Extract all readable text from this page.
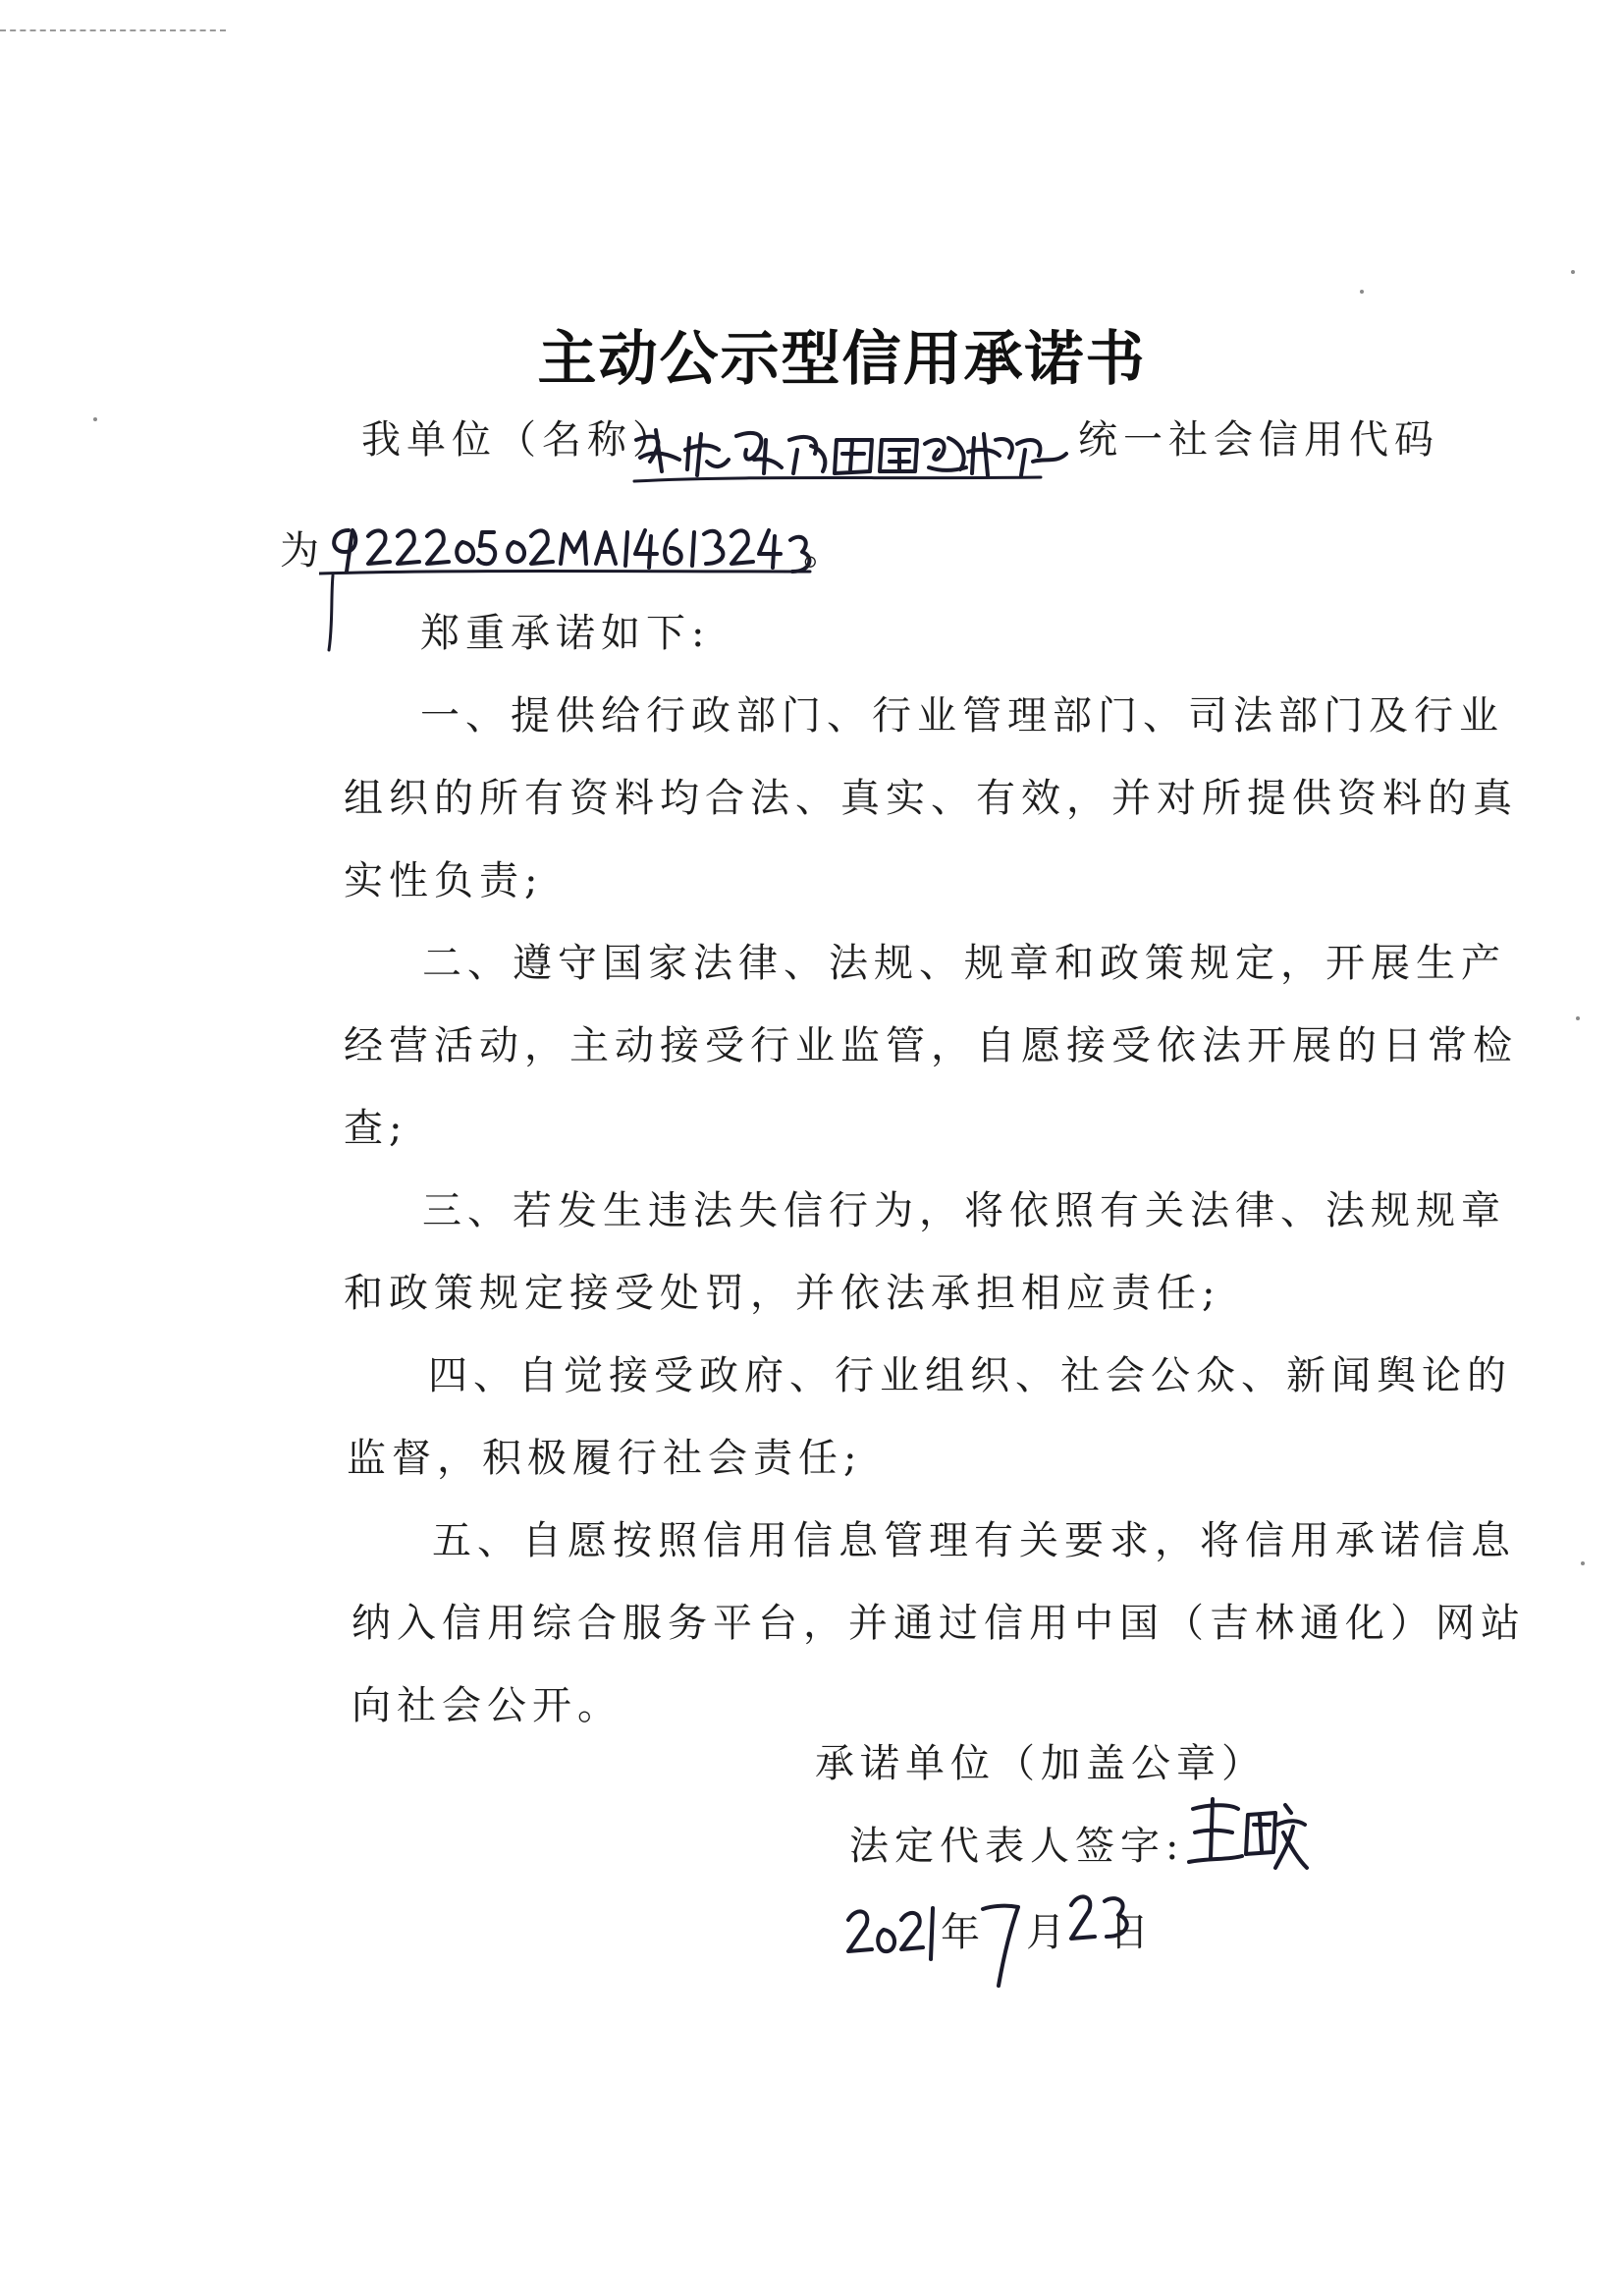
主动公示型信用承诺书
我单位（名称）	统一社会信用代码
为	。
郑重承诺如下:
一、提供给行政部门、行业管理部门、司法部门及行业
组织的所有资料均合法、真实、有效，并对所提供资料的真
实性负责;
二、遵守国家法律、法规、规章和政策规定，开展生产
经营活动，主动接受行业监管，自愿接受依法开展的日常检
查;
三、若发生违法失信行为，将依照有关法律、法规规章
和政策规定接受处罚，并依法承担相应责任;
四、自觉接受政府、行业组织、社会公众、新闻舆论的
监督，积极履行社会责任;
五、自愿按照信用信息管理有关要求，将信用承诺信息
纳入信用综合服务平台，并通过信用中国（吉林通化）网站
向社会公开。
承诺单位（加盖公章）
法定代表人签字:
年 月 日
